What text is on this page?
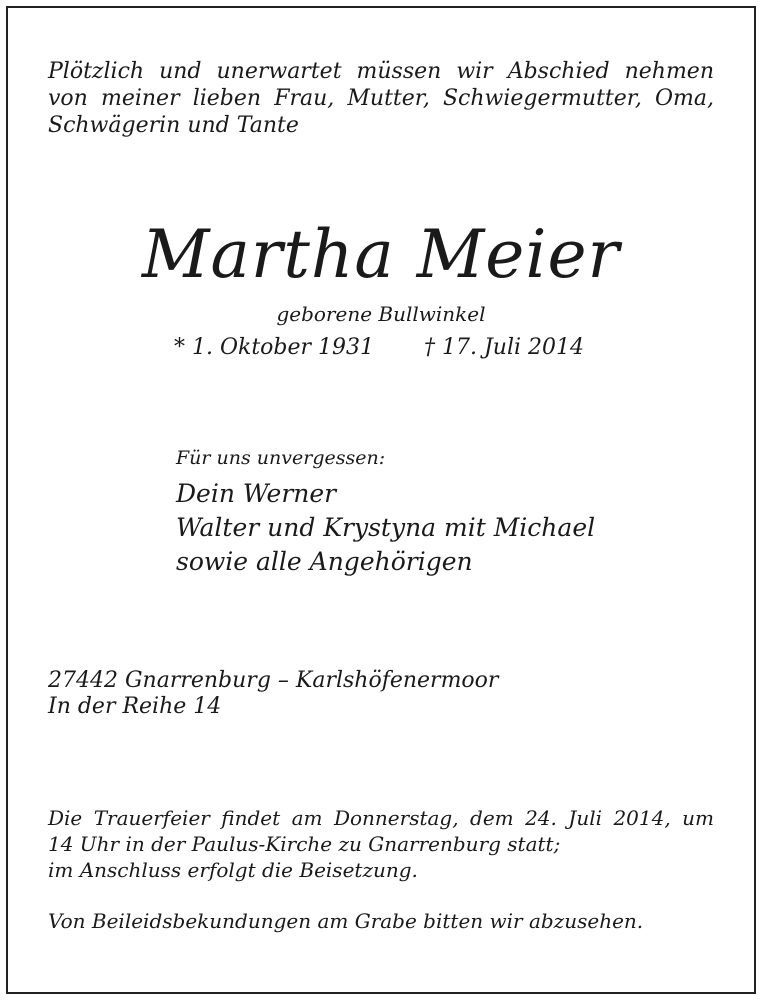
Plötzlich und unerwartet müssen wir Abschied nehmen
von meiner lieben Frau, Mutter, Schwiegermutter, Oma,
Schwägerin und Tante

Martha Meier

geborene Bullwinkel

* 1. Oktober 1931 † 17. Juli 2014

Für uns unvergessen:

Dein Werner
Walter und Krystyna mit Michael
sowie alle Angehörigen
27442 Gnarrenburg – Karlshöfenermoor
In der Reihe 14

Die Trauerfeier findet am Donnerstag, dem 24. Juli 2014, um
14 Uhr in der Paulus-Kirche zu Gnarrenburg statt;
im Anschluss erfolgt die Beisetzung.

Von Beileidsbekundungen am Grabe bitten wir abzusehen.
